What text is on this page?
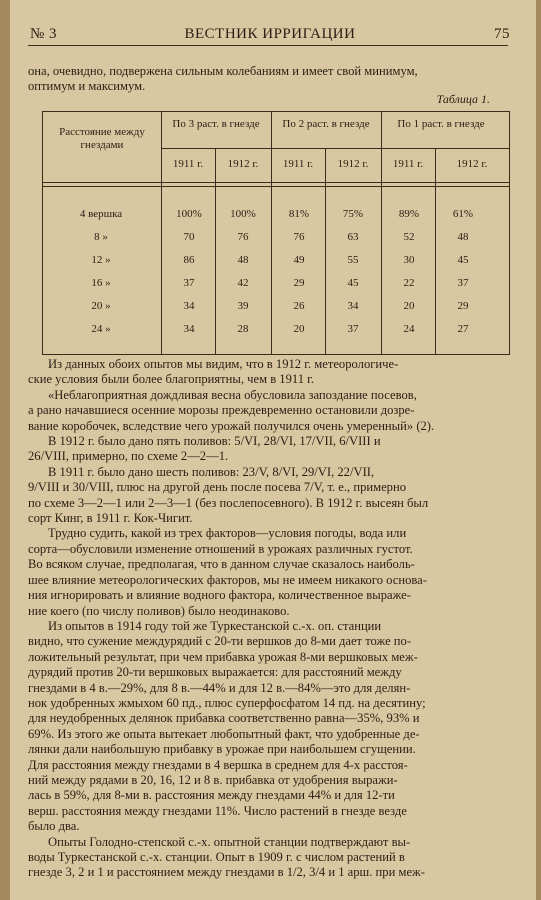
№ 3	ВЕСТНИК ИРРИГАЦИИ	75
она, очевидно, подвержена сильным колебаниям и имеет свой минимум,
оптимум и максимум.
Таблица 1.
Расстояние между гнездами
По 3 раст. в гнезде По 2 раст. в гнезде	По 1 раст. в гнезде
1911 г.	1912 г.	1911 г.	1912 г.	1911 г.	1912 г.
4 вершка	100%	100%	81%	75%	89%	61%
8 »	70	76	76	63	52	48
12 »	86	48	49	55	30	45
16 »	37	42	29	45	22	37
20 »	34	39	26	34	20	29
24 »	34	28	20	37	24	27
Из данных обоих опытов мы видим, что в 1912 г. метеорологиче-
ские условия были более благоприятны, чем в 1911 г.
«Неблагоприятная дождливая весна обусловила запоздание посевов,
а рано начавшиеся осенние морозы преждевременно остановили дозре-
вание коробочек, вследствие чего урожай получился очень умеренный» (2).
В 1912 г. было дано пять поливов: 5/VI, 28/VI, 17/VII, 6/VIII и
26/VIII, примерно, по схеме 2—2—1.
В 1911 г. было дано шесть поливов: 23/V, 8/VI, 29/VI, 22/VII,
9/VIII и 30/VIII, плюс на другой день после посева 7/V, т. е., примерно
по схеме 3—2—1 или 2—3—1 (без послепосевного). В 1912 г. высеян был
сорт Кинг, в 1911 г. Кок-Чигит.
Трудно судить, какой из трех факторов—условия погоды, вода или
сорта—обусловили изменение отношений в урожаях различных густот.
Во всяком случае, предполагая, что в данном случае сказалось наиболь-
шее влияние метеорологических факторов, мы не имеем никакого основа-
ния игнорировать и влияние водного фактора, количественное выраже-
ние коего (по числу поливов) было неодинаково.
Из опытов в 1914 году той же Туркестанской с.-х. оп. станции
видно, что сужение междурядий с 20-ти вершков до 8-ми дает тоже по-
ложительный результат, при чем прибавка урожая 8-ми вершковых меж-
дурядий против 20-ти вершковых выражается: для расстояний между
гнездами в 4 в.—29%, для 8 в.—44% и для 12 в.—84%—это для делян-
нок удобренных жмыхом 60 пд., плюс суперфосфатом 14 пд. на десятину;
для неудобренных делянок прибавка соответственно равна—35%, 93% и
69%. Из этого же опыта вытекает любопытный факт, что удобренные де-
лянки дали наибольшую прибавку в урожае при наибольшем сгущении.
Для расстояния между гнездами в 4 вершка в среднем для 4-х расстоя-
ний между рядами в 20, 16, 12 и 8 в. прибавка от удобрения выражи-
лась в 59%, для 8-ми в. расстояния между гнездами 44% и для 12-ти
верш. расстояния между гнездами 11%. Число растений в гнезде везде
было два.
Опыты Голодно-степской с.-х. опытной станции подтверждают вы-
воды Туркестанской с.-х. станции. Опыт в 1909 г. с числом растений в
гнезде 3, 2 и 1 и расстоянием между гнездами в 1/2, 3/4 и 1 арш. при меж-
